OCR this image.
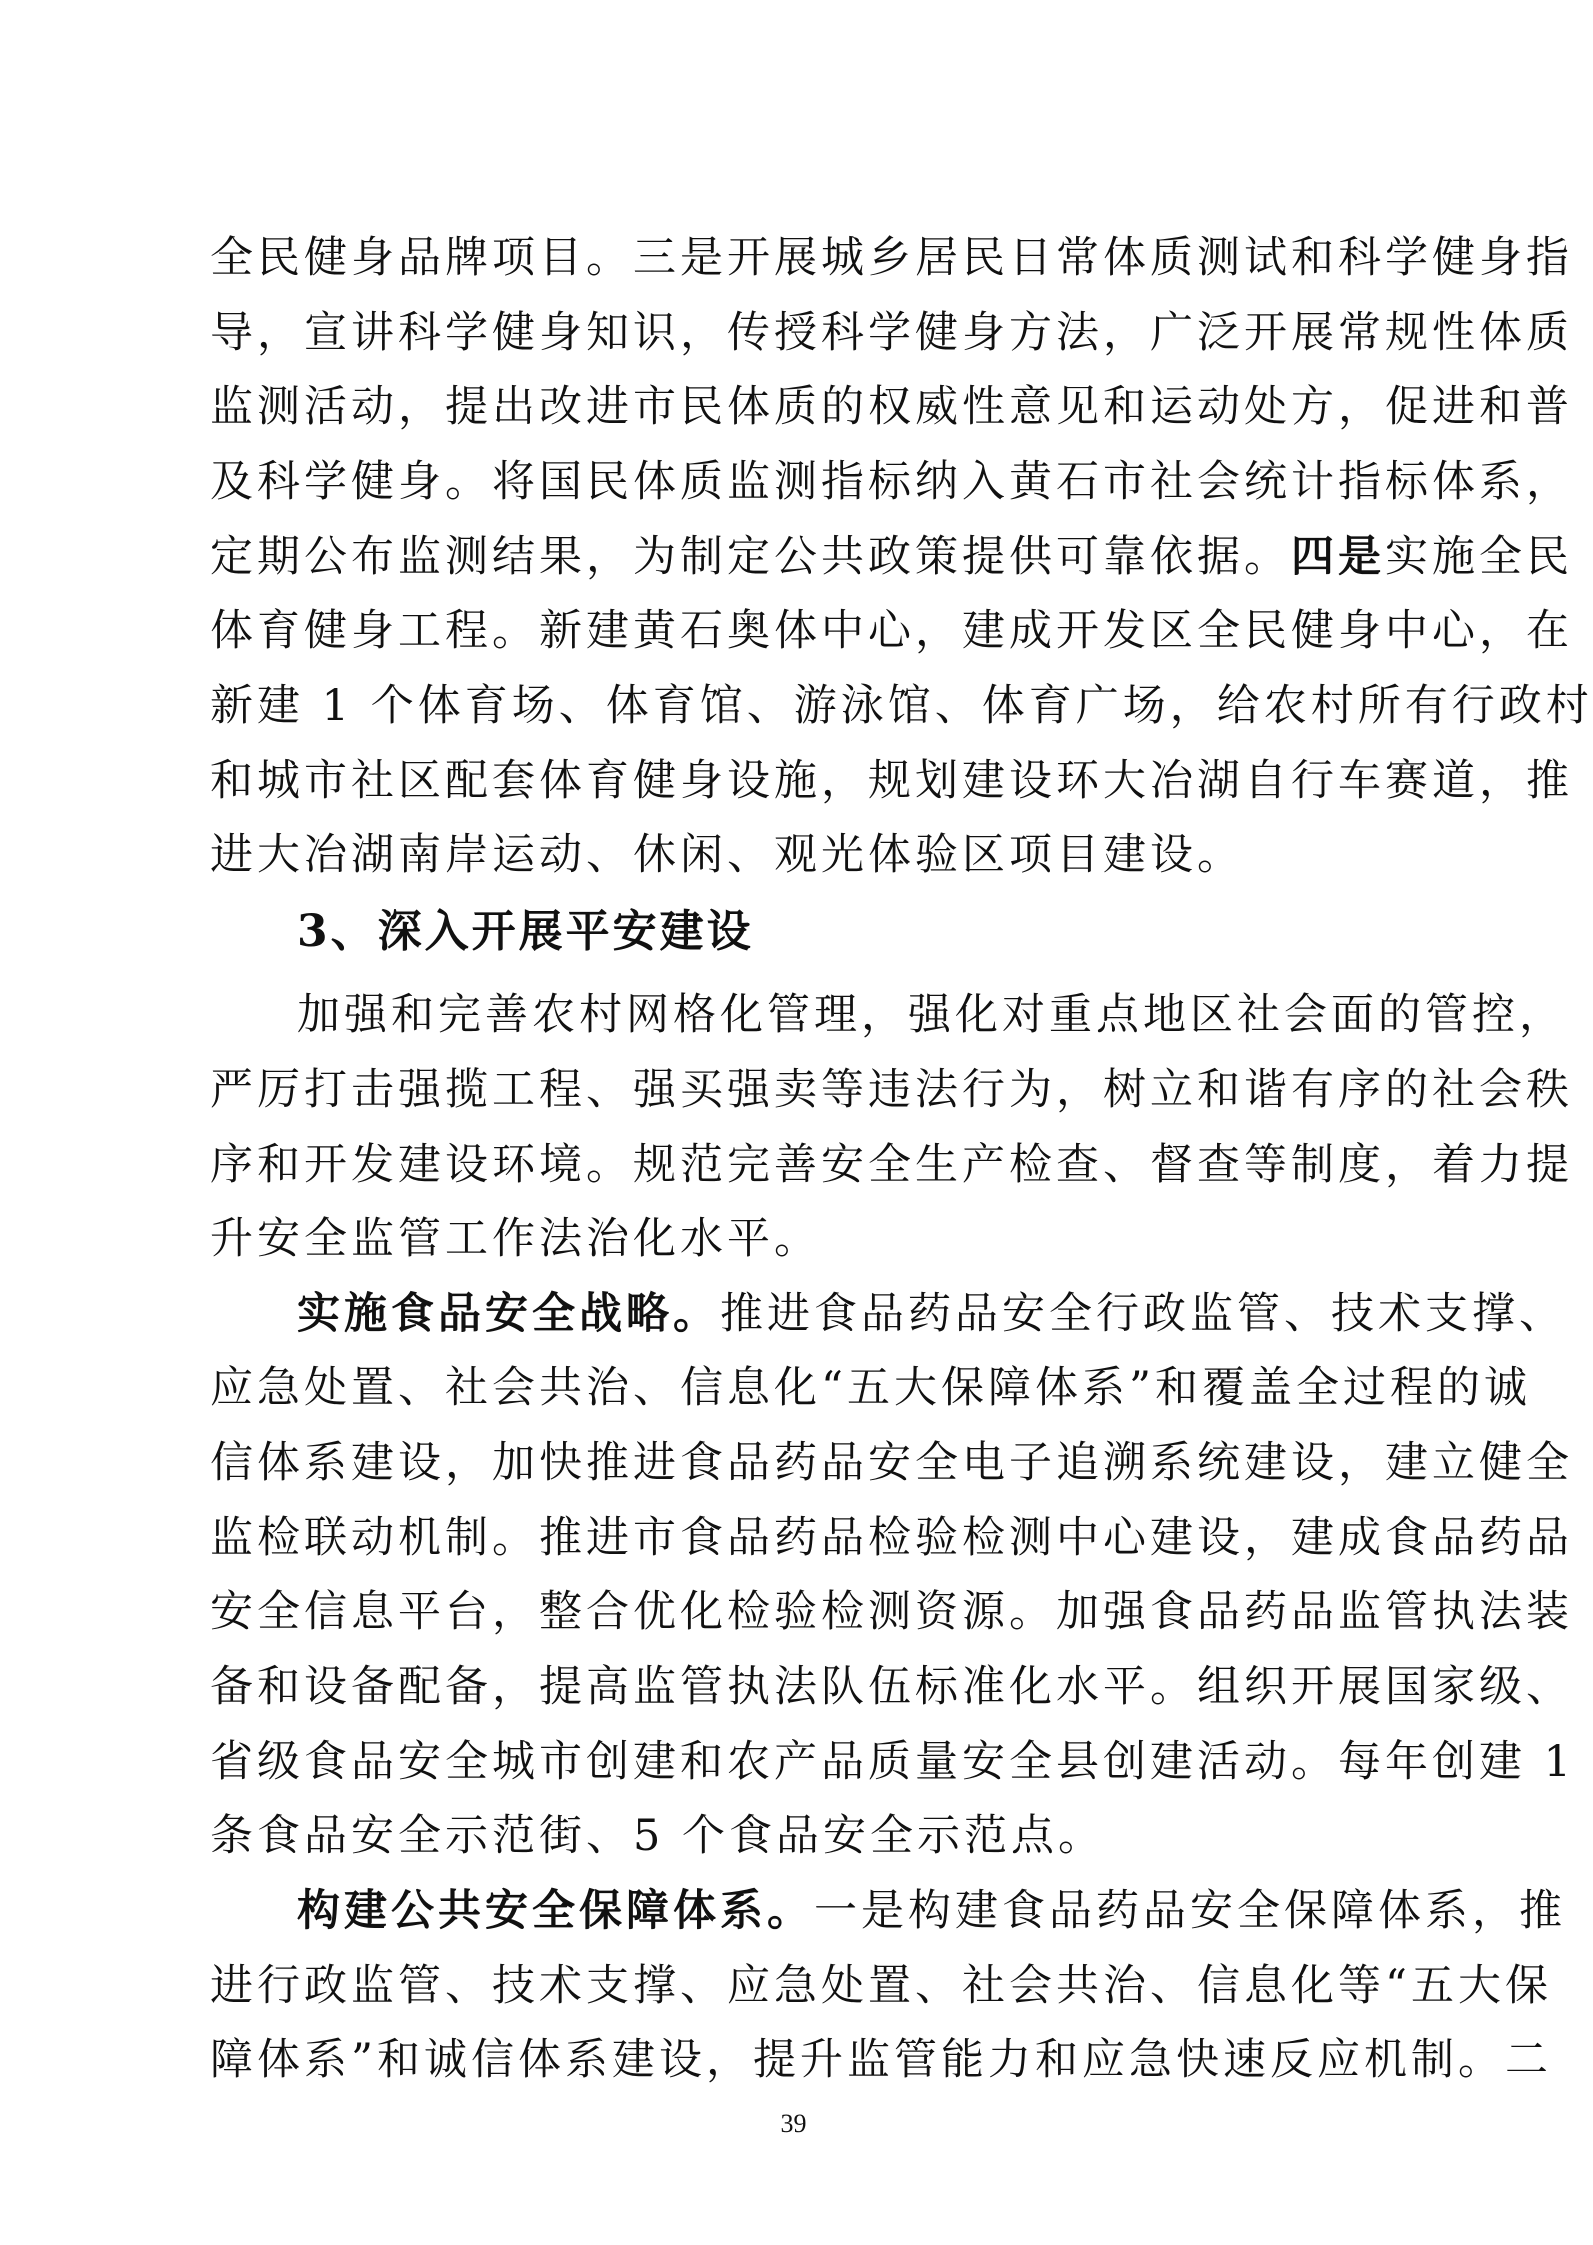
全民健身品牌项目。三是开展城乡居民日常体质测试和科学健身指
导，宣讲科学健身知识，传授科学健身方法，广泛开展常规性体质
监测活动，提出改进市民体质的权威性意见和运动处方，促进和普
及科学健身。将国民体质监测指标纳入黄石市社会统计指标体系，
定期公布监测结果，为制定公共政策提供可靠依据。四是实施全民
体育健身工程。新建黄石奥体中心，建成开发区全民健身中心，在
新建 1 个体育场、体育馆、游泳馆、体育广场，给农村所有行政村
和城市社区配套体育健身设施，规划建设环大冶湖自行车赛道，推
进大冶湖南岸运动、休闲、观光体验区项目建设。
3、深入开展平安建设
加强和完善农村网格化管理，强化对重点地区社会面的管控，
严厉打击强揽工程、强买强卖等违法行为，树立和谐有序的社会秩
序和开发建设环境。规范完善安全生产检查、督查等制度，着力提
升安全监管工作法治化水平。
实施食品安全战略。推进食品药品安全行政监管、技术支撑、
应急处置、社会共治、信息化“五大保障体系”和覆盖全过程的诚
信体系建设，加快推进食品药品安全电子追溯系统建设，建立健全
监检联动机制。推进市食品药品检验检测中心建设，建成食品药品
安全信息平台，整合优化检验检测资源。加强食品药品监管执法装
备和设备配备，提高监管执法队伍标准化水平。组织开展国家级、
省级食品安全城市创建和农产品质量安全县创建活动。每年创建 1
条食品安全示范街、5 个食品安全示范点。
构建公共安全保障体系。一是构建食品药品安全保障体系，推
进行政监管、技术支撑、应急处置、社会共治、信息化等“五大保
障体系”和诚信体系建设，提升监管能力和应急快速反应机制。二
39
